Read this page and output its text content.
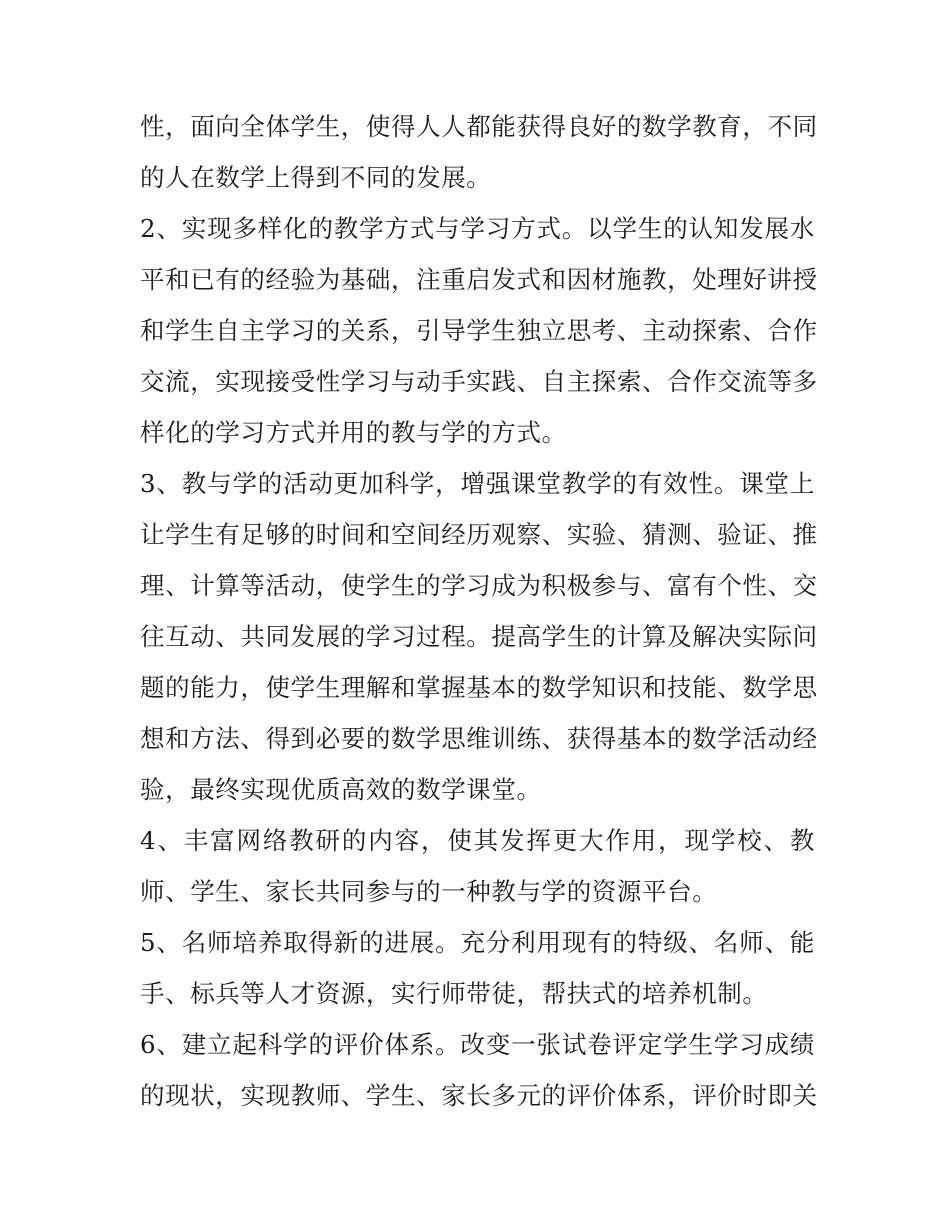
性，面向全体学生，使得人人都能获得良好的数学教育，不同
的人在数学上得到不同的发展。

2、实现多样化的教学方式与学习方式。以学生的认知发展水
平和已有的经验为基础，注重启发式和因材施教，处理好讲授
和学生自主学习的关系，引导学生独立思考、主动探索、合作
交流，实现接受性学习与动手实践、自主探索、合作交流等多
样化的学习方式并用的教与学的方式。

3、教与学的活动更加科学，增强课堂教学的有效性。课堂上
让学生有足够的时间和空间经历观察、实验、猜测、验证、推
理、计算等活动，使学生的学习成为积极参与、富有个性、交
往互动、共同发展的学习过程。提高学生的计算及解决实际问
题的能力，使学生理解和掌握基本的数学知识和技能、数学思
想和方法、得到必要的数学思维训练、获得基本的数学活动经
验，最终实现优质高效的数学课堂。

4、丰富网络教研的内容，使其发挥更大作用，现学校、教
师、学生、家长共同参与的一种教与学的资源平台。

5、名师培养取得新的进展。充分利用现有的特级、名师、能
手、标兵等人才资源，实行师带徒，帮扶式的培养机制。

6、建立起科学的评价体系。改变一张试卷评定学生学习成绩
的现状，实现教师、学生、家长多元的评价体系，评价时即关
